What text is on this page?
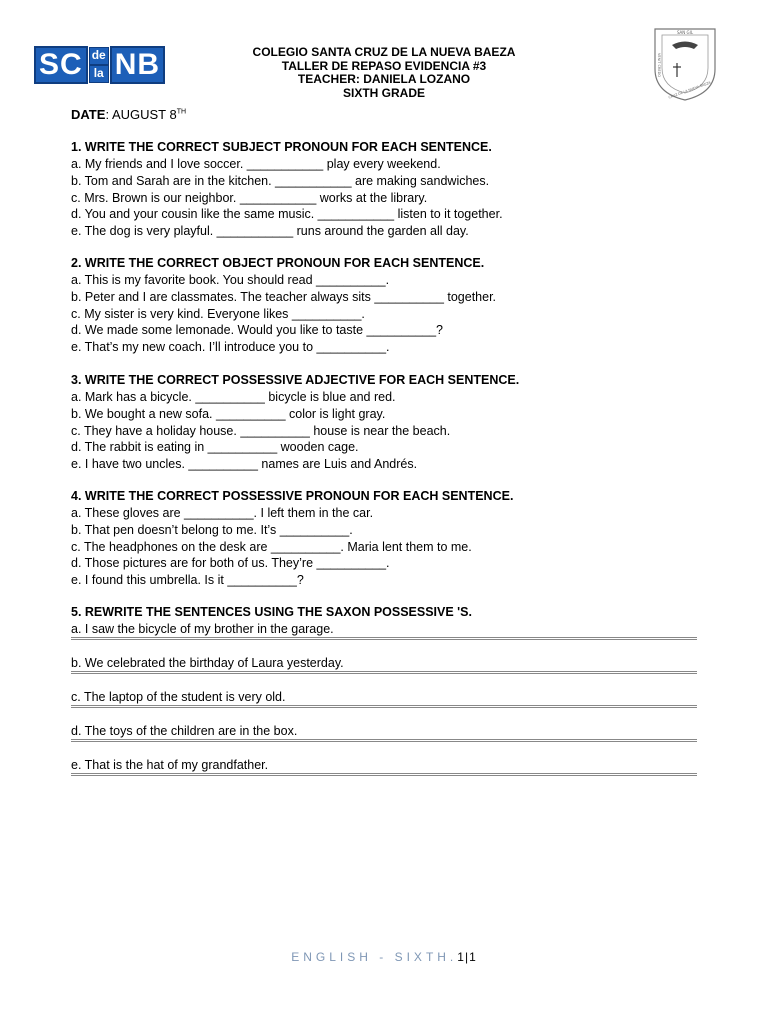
SC de
la NB	COLEGIO SANTA CRUZ DE LA NUEVA BAEZA
TALLER DE REPASO EVIDENCIA #3
TEACHER: DANIELA LOZANO
SIXTH GRADE
SAN GIL
VENIT CREDO
CRUZ DE LA NUEVA BAEZA
DATE: AUGUST 8TH
1. WRITE THE CORRECT SUBJECT PRONOUN FOR EACH SENTENCE.
a. My friends and I love soccer. ___________ play every weekend.
b. Tom and Sarah are in the kitchen. ___________ are making sandwiches.
c. Mrs. Brown is our neighbor. ___________ works at the library.
d. You and your cousin like the same music. ___________ listen to it together.
e. The dog is very playful. ___________ runs around the garden all day.
2. WRITE THE CORRECT OBJECT PRONOUN FOR EACH SENTENCE.
a. This is my favorite book. You should read __________.
b. Peter and I are classmates. The teacher always sits __________ together.
c. My sister is very kind. Everyone likes __________.
d. We made some lemonade. Would you like to taste __________?
e. That’s my new coach. I’ll introduce you to __________.
3. WRITE THE CORRECT POSSESSIVE ADJECTIVE FOR EACH SENTENCE.
a. Mark has a bicycle. __________ bicycle is blue and red.
b. We bought a new sofa. __________ color is light gray.
c. They have a holiday house. __________ house is near the beach.
d. The rabbit is eating in __________ wooden cage.
e. I have two uncles. __________ names are Luis and Andrés.
4. WRITE THE CORRECT POSSESSIVE PRONOUN FOR EACH SENTENCE.
a. These gloves are __________. I left them in the car.
b. That pen doesn’t belong to me. It’s __________.
c. The headphones on the desk are __________. Maria lent them to me.
d. Those pictures are for both of us. They’re __________.
e. I found this umbrella. Is it __________?
5. REWRITE THE SENTENCES USING THE SAXON POSSESSIVE 'S.
a. I saw the bicycle of my brother in the garage.
b. We celebrated the birthday of Laura yesterday.
c. The laptop of the student is very old.
d. The toys of the children are in the box.
e. That is the hat of my grandfather.
ENGLISH - SIXTH.1|1
